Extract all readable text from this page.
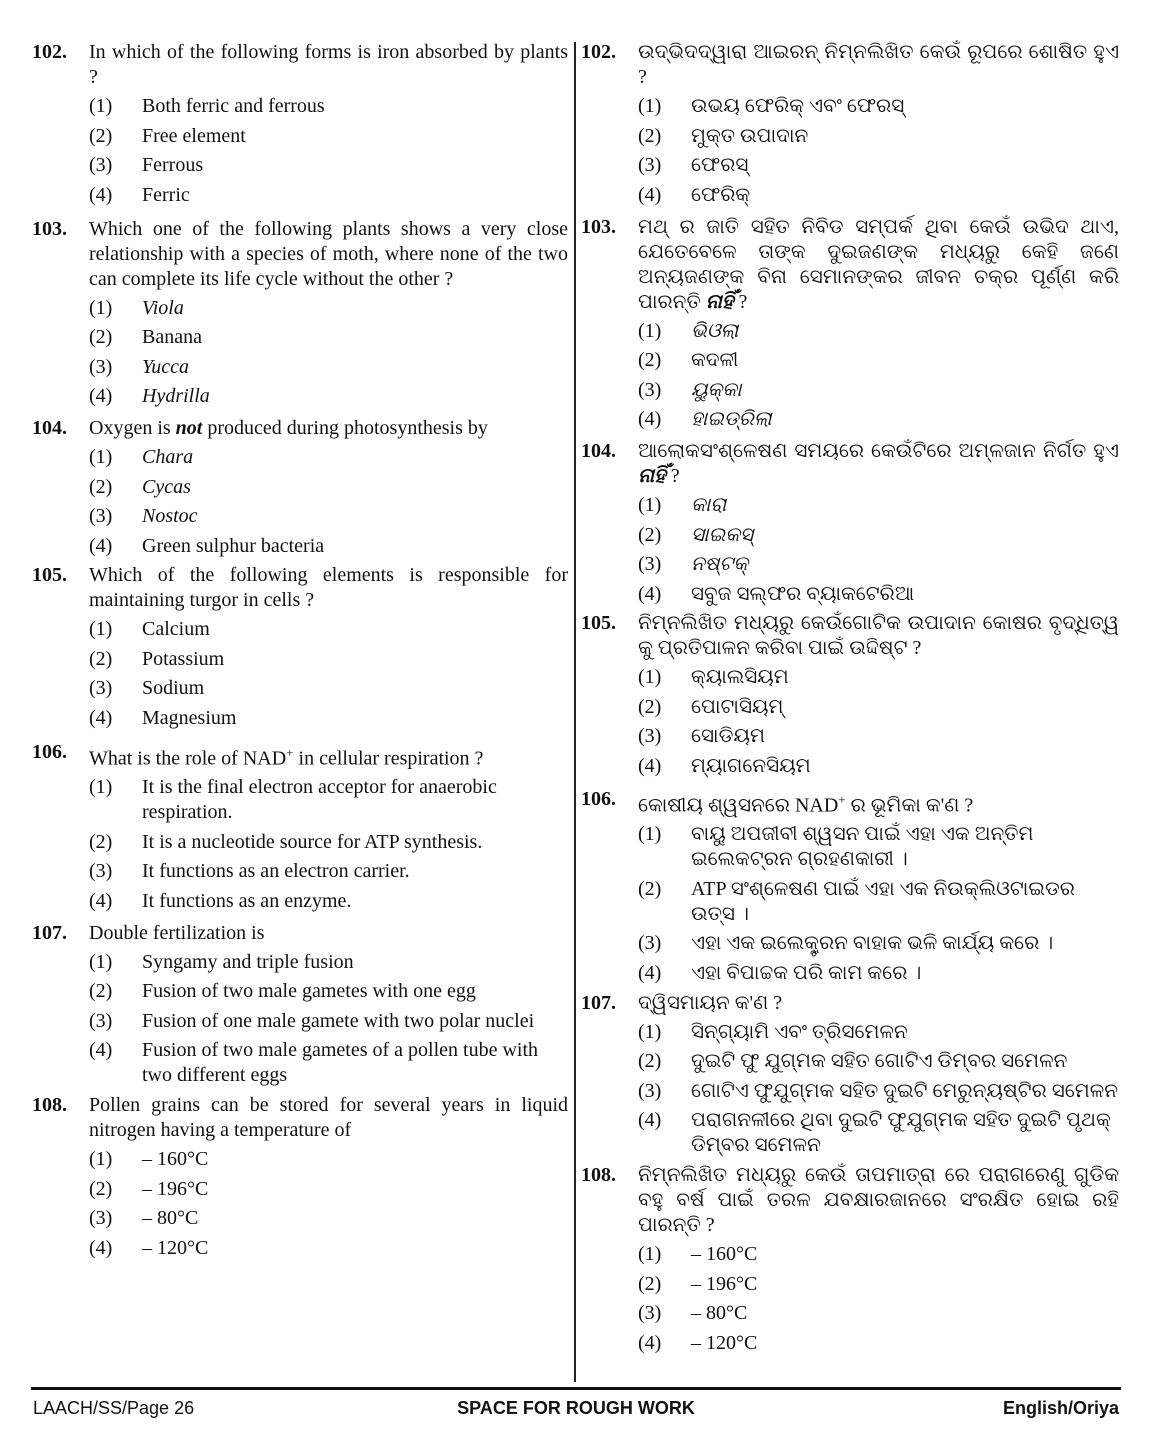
102. In which of the following forms is iron absorbed by plants ?
(1) Both ferric and ferrous
(2) Free element
(3) Ferrous
(4) Ferric
103. Which one of the following plants shows a very close relationship with a species of moth, where none of the two can complete its life cycle without the other ?
(1) Viola
(2) Banana
(3) Yucca
(4) Hydrilla
104. Oxygen is not produced during photosynthesis by
(1) Chara
(2) Cycas
(3) Nostoc
(4) Green sulphur bacteria
105. Which of the following elements is responsible for maintaining turgor in cells ?
(1) Calcium
(2) Potassium
(3) Sodium
(4) Magnesium
106. What is the role of NAD+ in cellular respiration ?
(1) It is the final electron acceptor for anaerobic respiration.
(2) It is a nucleotide source for ATP synthesis.
(3) It functions as an electron carrier.
(4) It functions as an enzyme.
107. Double fertilization is
(1) Syngamy and triple fusion
(2) Fusion of two male gametes with one egg
(3) Fusion of one male gamete with two polar nuclei
(4) Fusion of two male gametes of a pollen tube with two different eggs
108. Pollen grains can be stored for several years in liquid nitrogen having a temperature of
(1) – 160°C
(2) – 196°C
(3) – 80°C
(4) – 120°C
102. ଉଦ୍ଭିଦଦ୍ୱାରା ଆଇରନ୍ ନିମ୍ନଲିଖିତ କେଉଁ ରୂପରେ ଶୋଷିତ ହୁଏ ?
(1) ଉଭୟ ଫେରିକ୍ ଏବଂ ଫେରସ୍
(2) ମୁକ୍ତ ଉପାଦାନ
(3) ଫେରସ୍
(4) ଫେରିକ୍
103. ମଥ୍ ର ଜାତି ସହିତ ନିବିଡ ସମ୍ପର୍କ ଥିବା କେଉଁ ଉଭିଦ ଥାଏ, ଯେତେବେଳେ ତାଙ୍କ ଦୁଇଜଣଙ୍କ ମଧ୍ୟରୁ କେହି ଜଣେ ଅନ୍ୟଜଣଙ୍କ ବିନା ସେମାନଙ୍କର ଜୀବନ ଚକ୍ର ପୂର୍ଣ୍ଣ କରି ପାରନ୍ତି ନାହିଁ ?
(1) ଭିଓଲା
(2) କଦଳୀ
(3) ୟୁକ୍କା
(4) ହାଇଡ୍ରିଲା
104. ଆଲୋକସଂଶ୍ଳେଷଣ ସମୟରେ କେଉଁଟିରେ ଅମ୍ଳଜାନ ନିର୍ଗତ ହୁଏ ନାହିଁ ?
(1) କାରା
(2) ସାଇକସ୍
(3) ନଷ୍ଟକ୍
(4) ସବୁଜ ସଲ୍ଫର ବ୍ୟାକଟେରିଆ
105. ନିମ୍ନଲିଖିତ ମଧ୍ୟରୁ କେଉଁଗୋଟିକ ଉପାଦାନ କୋଷର ବୃଦ୍ଧିତ୍ୱ କୁ ପ୍ରତିପାଳନ କରିବା ପାଇଁ ଉଦ୍ଦିଷ୍ଟ ?
(1) କ୍ୟାଲସିୟମ
(2) ପୋଟାସିୟମ୍
(3) ସୋଡିୟମ
(4) ମ୍ୟାଗନେସିୟମ
106. କୋଷୀୟ ଶ୍ୱସନରେ NAD+ ର ଭୂମିକା କ'ଣ ?
(1) ବାୟୁ ଅପଜୀବୀ ଶ୍ୱସନ ପାଇଁ ଏହା ଏକ ଅନ୍ତିମ ଇଲେକଟ୍ରନ ଗ୍ରହଣକାରୀ ।
(2) ATP ସଂଶ୍ଳେଷଣ ପାଇଁ ଏହା ଏକ ନିଉକ୍ଲିଓଟାଇଡର ଉତ୍ସ ।
(3) ଏହା ଏକ ଇଲେକ୍ଟ୍ରନ ବାହାକ ଭଳି କାର୍ଯ୍ୟ କରେ ।
(4) ଏହା ବିପାଚ୍ଚକ ପରି କାମ କରେ ।
107. ଦ୍ୱିସମାୟନ କ'ଣ ?
(1) ସିନ୍‌ଗ୍ୟାମି ଏବଂ ତ୍ରିସମେଳନ
(2) ଦୁଇଟି ଫୁ ଯୁଗ୍ମକ ସହିତ ଗୋଟିଏ ଡିମ୍ବର ସମେଳନ
(3) ଗୋଟିଏ ଫୁଯୁଗ୍ମକ ସହିତ ଦୁଇଟି ମେରୁନ୍ୟଷ୍ଟିର ସମେଳନ
(4) ପରାଗନଳୀରେ ଥିବା ଦୁଇଟି ଫୁଯୁଗ୍ମକ ସହିତ ଦୁଇଟି ପୃଥକ୍ ଡିମ୍ବର ସମେଳନ
108. ନିମ୍ନଲିଖିତ ମଧ୍ୟରୁ କେଉଁ ତାପମାତ୍ରା ରେ ପରାଗରେଣୁ ଗୁଡିକ ବହୁ ବର୍ଷ ପାଇଁ ତରଳ ଯବକ୍ଷାରଜାନରେ ସଂରକ୍ଷିତ ହୋଇ ରହି ପାରନ୍ତି ?
(1) – 160°C
(2) – 196°C
(3) – 80°C
(4) – 120°C
LAACH/SS/Page 26	SPACE FOR ROUGH WORK	English/Oriya
